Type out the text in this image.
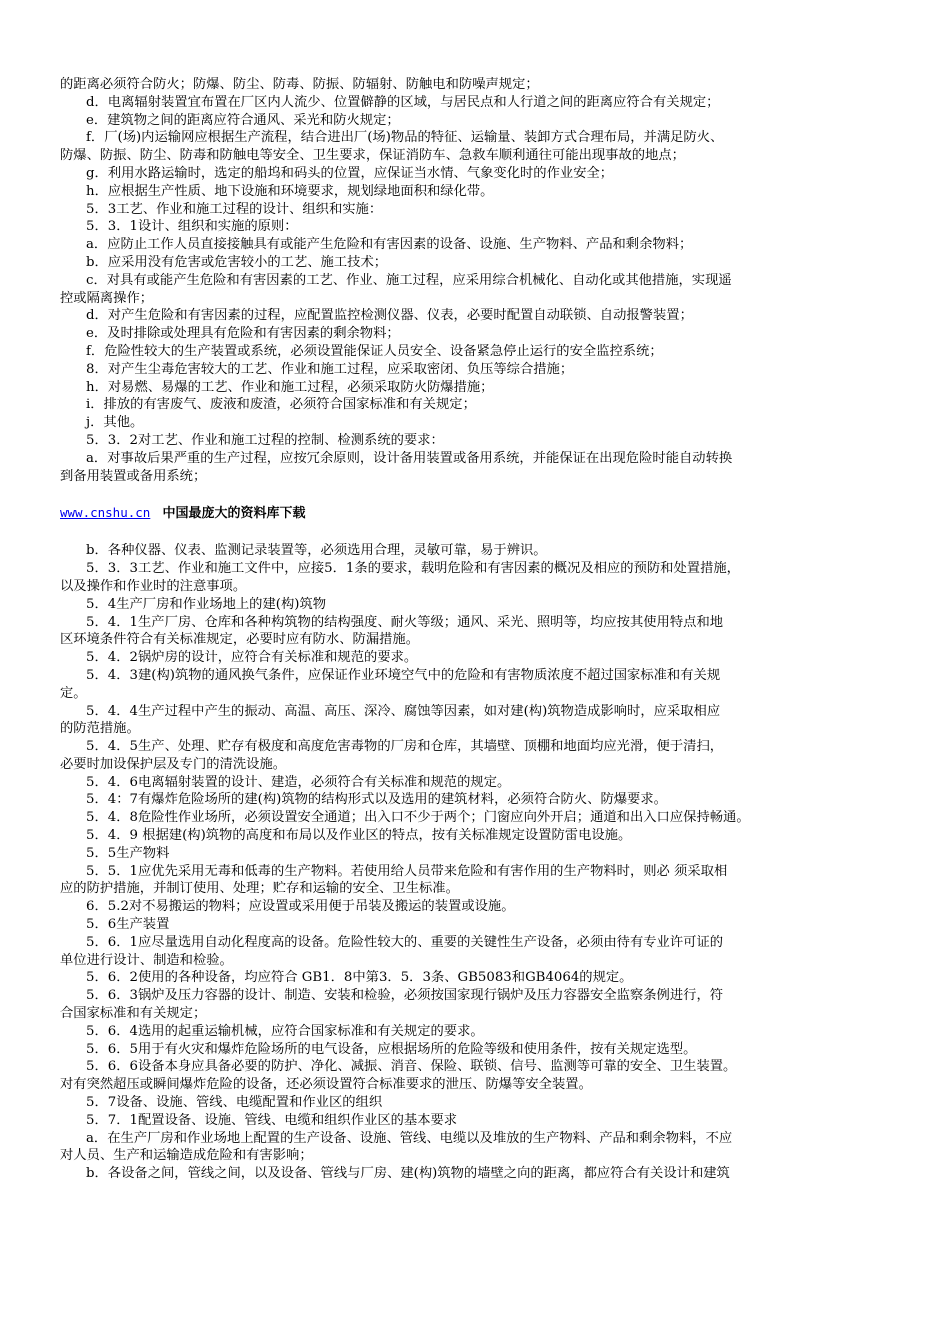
的距离必须符合防火；防爆、防尘、防毒、防振、防辐射、防触电和防噪声规定；

d．电离辐射装置宜布置在厂区内人流少、位置僻静的区域，与居民点和人行道之间的距离应符合有关规定；

e．建筑物之间的距离应符合通风、采光和防火规定；

f．厂(场)内运输网应根据生产流程，结合进出厂(场)物品的特征、运输量、装卸方式合理布局，并满足防火、

防爆、防振、防尘、防毒和防触电等安全、卫生要求，保证消防车、急救车顺利通往可能出现事故的地点；

g．利用水路运输时，选定的船坞和码头的位置，应保证当水情、气象变化时的作业安全；

h．应根据生产性质、地下设施和环境要求，规划绿地面积和绿化带。

5．3工艺、作业和施工过程的设计、组织和实施：

5．3．1设计、组织和实施的原则：

a．应防止工作人员直接接触具有或能产生危险和有害因素的设备、设施、生产物料、产品和剩余物料；

b．应采用没有危害或危害较小的工艺、施工技术；

c．对具有或能产生危险和有害因素的工艺、作业、施工过程，应采用综合机械化、自动化或其他措施，实现遥

控或隔离操作；

d．对产生危险和有害因素的过程，应配置监控检测仪器、仪表，必要时配置自动联锁、自动报警装置；

e．及时排除或处理具有危险和有害因素的剩余物料；

f．危险性较大的生产装置或系统，必须设置能保证人员安全、设备紧急停止运行的安全监控系统；

8．对产生尘毒危害较大的工艺、作业和施工过程，应采取密闭、负压等综合措施；

h．对易燃、易爆的工艺、作业和施工过程，必须采取防火防爆措施；

i．排放的有害废气、废液和废渣，必须符合国家标准和有关规定；

j．其他。

5．3．2对工艺、作业和施工过程的控制、检测系统的要求：

a．对事故后果严重的生产过程，应按冗余原则，设计备用装置或备用系统，并能保证在出现危险时能自动转换

到备用装置或备用系统；

www.cnshu.cn 中国最庞大的资料库下载

b．各种仪器、仪表、监测记录装置等，必须选用合理，灵敏可靠，易于辨识。

5．3．3工艺、作业和施工文件中，应接5．1条的要求，载明危险和有害因素的概况及相应的预防和处置措施，

以及操作和作业时的注意事项。

5．4生产厂房和作业场地上的建(构)筑物

5．4．1生产厂房、仓库和各种构筑物的结构强度、耐火等级；通风、采光、照明等，均应按其使用特点和地

区环境条件符合有关标准规定，必要时应有防水、防漏措施。

5．4．2锅炉房的设计，应符合有关标准和规范的要求。

5．4．3建(构)筑物的通风换气条件，应保证作业环境空气中的危险和有害物质浓度不超过国家标准和有关规

定。

5．4．4生产过程中产生的振动、高温、高压、深冷、腐蚀等因素，如对建(构)筑物造成影响时，应采取相应

的防范措施。

5．4．5生产、处理、贮存有极度和高度危害毒物的厂房和仓库，其墙壁、顶棚和地面均应光滑，便于清扫，

必要时加设保护层及专门的清洗设施。

5．4．6电离辐射装置的设计、建造，必须符合有关标准和规范的规定。

5．4：7有爆炸危险场所的建(构)筑物的结构形式以及选用的建筑材料，必须符合防火、防爆要求。

5．4．8危险性作业场所，必须设置安全通道；出入口不少于两个；门窗应向外开启；通道和出入口应保持畅通。

5．4．9 根据建(构)筑物的高度和布局以及作业区的特点，按有关标准规定设置防雷电设施。

5．5生产物料

5．5．1应优先采用无毒和低毒的生产物料。若使用给人员带来危险和有害作用的生产物料时，则必 须采取相

应的防护措施，并制订使用、处理；贮存和运输的安全、卫生标准。

6．5.2对不易搬运的物料；应设置或采用便于吊装及搬运的装置或设施。

5．6生产装置

5．6．1应尽量选用自动化程度高的设备。危险性较大的、重要的关键性生产设备，必须由待有专业许可证的

单位进行设计、制造和检验。

5．6．2使用的各种设备，均应符合 GB1．8中第3．5．3条、GB5083和GB4064的规定。

5．6．3锅炉及压力容器的设计、制造、安装和检验，必须按国家现行锅炉及压力容器安全监察条例进行，符

合国家标准和有关规定；

5．6．4选用的起重运输机械，应符合国家标准和有关规定的要求。

5．6．5用于有火灾和爆炸危险场所的电气设备，应根据场所的危险等级和使用条件，按有关规定选型。

5．6．6设备本身应具备必要的防护、净化、减振、消音、保险、联锁、信号、监测等可靠的安全、卫生装置。

对有突然超压或瞬间爆炸危险的设备，还必须设置符合标准要求的泄压、防爆等安全装置。

5．7设备、设施、管线、电缆配置和作业区的组织

5．7．1配置设备、设施、管线、电缆和组织作业区的基本要求

a．在生产厂房和作业场地上配置的生产设备、设施、管线、电缆以及堆放的生产物料、产品和剩余物料，不应

对人员、生产和运输造成危险和有害影响；

b．各设备之间，管线之间，以及设备、管线与厂房、建(构)筑物的墙壁之向的距离，都应符合有关设计和建筑
